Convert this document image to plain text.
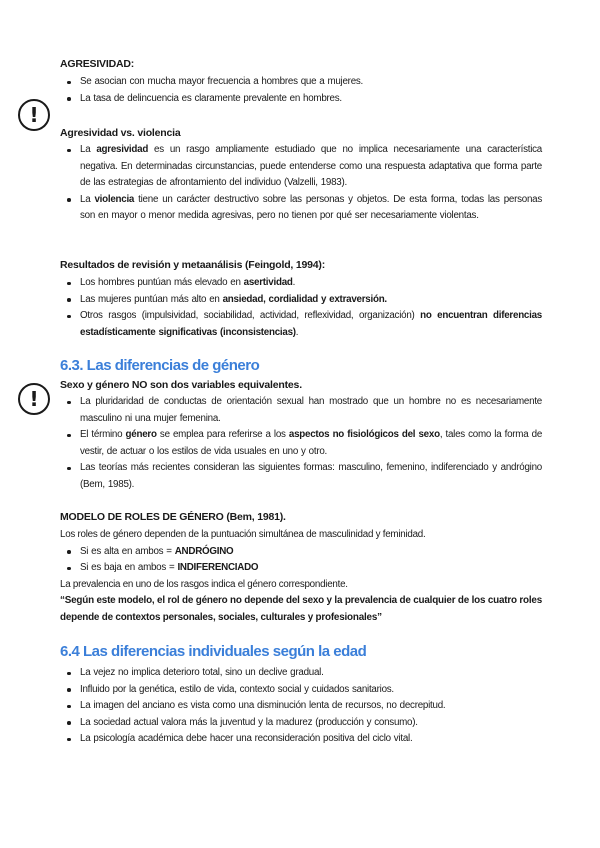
!
!
AGRESIVIDAD:
Se asocian con mucha mayor frecuencia a hombres que a mujeres.
La tasa de delincuencia es claramente prevalente en hombres.
Agresividad vs. violencia
La agresividad es un rasgo ampliamente estudiado que no implica necesariamente una característica negativa. En determinadas circunstancias, puede entenderse como una respuesta adaptativa que forma parte de las estrategias de afrontamiento del individuo (Valzelli, 1983).
La violencia tiene un carácter destructivo sobre las personas y objetos. De esta forma, todas las personas son en mayor o menor medida agresivas, pero no tienen por qué ser necesariamente violentas.
Resultados de revisión y metaanálisis (Feingold, 1994):
Los hombres puntúan más elevado en asertividad.
Las mujeres puntúan más alto en ansiedad, cordialidad y extraversión.
Otros rasgos (impulsividad, sociabilidad, actividad, reflexividad, organización) no encuentran diferencias estadísticamente significativas (inconsistencias).
6.3. Las diferencias de género
Sexo y género NO son dos variables equivalentes.
La pluridaridad de conductas de orientación sexual han mostrado que un hombre no es necesariamente masculino ni una mujer femenina.
El término género se emplea para referirse a los aspectos no fisiológicos del sexo, tales como la forma de vestir, de actuar o los estilos de vida usuales en uno y otro.
Las teorías más recientes consideran las siguientes formas: masculino, femenino, indiferenciado y andrógino (Bem, 1985).
MODELO DE ROLES DE GÉNERO (Bem, 1981).

Los roles de género dependen de la puntuación simultánea de masculinidad y feminidad.

Si es alta en ambos = ANDRÓGINO
Si es baja en ambos = INDIFERENCIADO

La prevalencia en uno de los rasgos indica el género correspondiente.

“Según este modelo, el rol de género no depende del sexo y la prevalencia de cualquier de los cuatro roles depende de contextos personales, sociales, culturales y profesionales”

6.4 Las diferencias individuales según la edad
La vejez no implica deterioro total, sino un declive gradual.
Influido por la genética, estilo de vida, contexto social y cuidados sanitarios.
La imagen del anciano es vista como una disminución lenta de recursos, no decrepitud.
La sociedad actual valora más la juventud y la madurez (producción y consumo).
La psicología académica debe hacer una reconsideración positiva del ciclo vital.
